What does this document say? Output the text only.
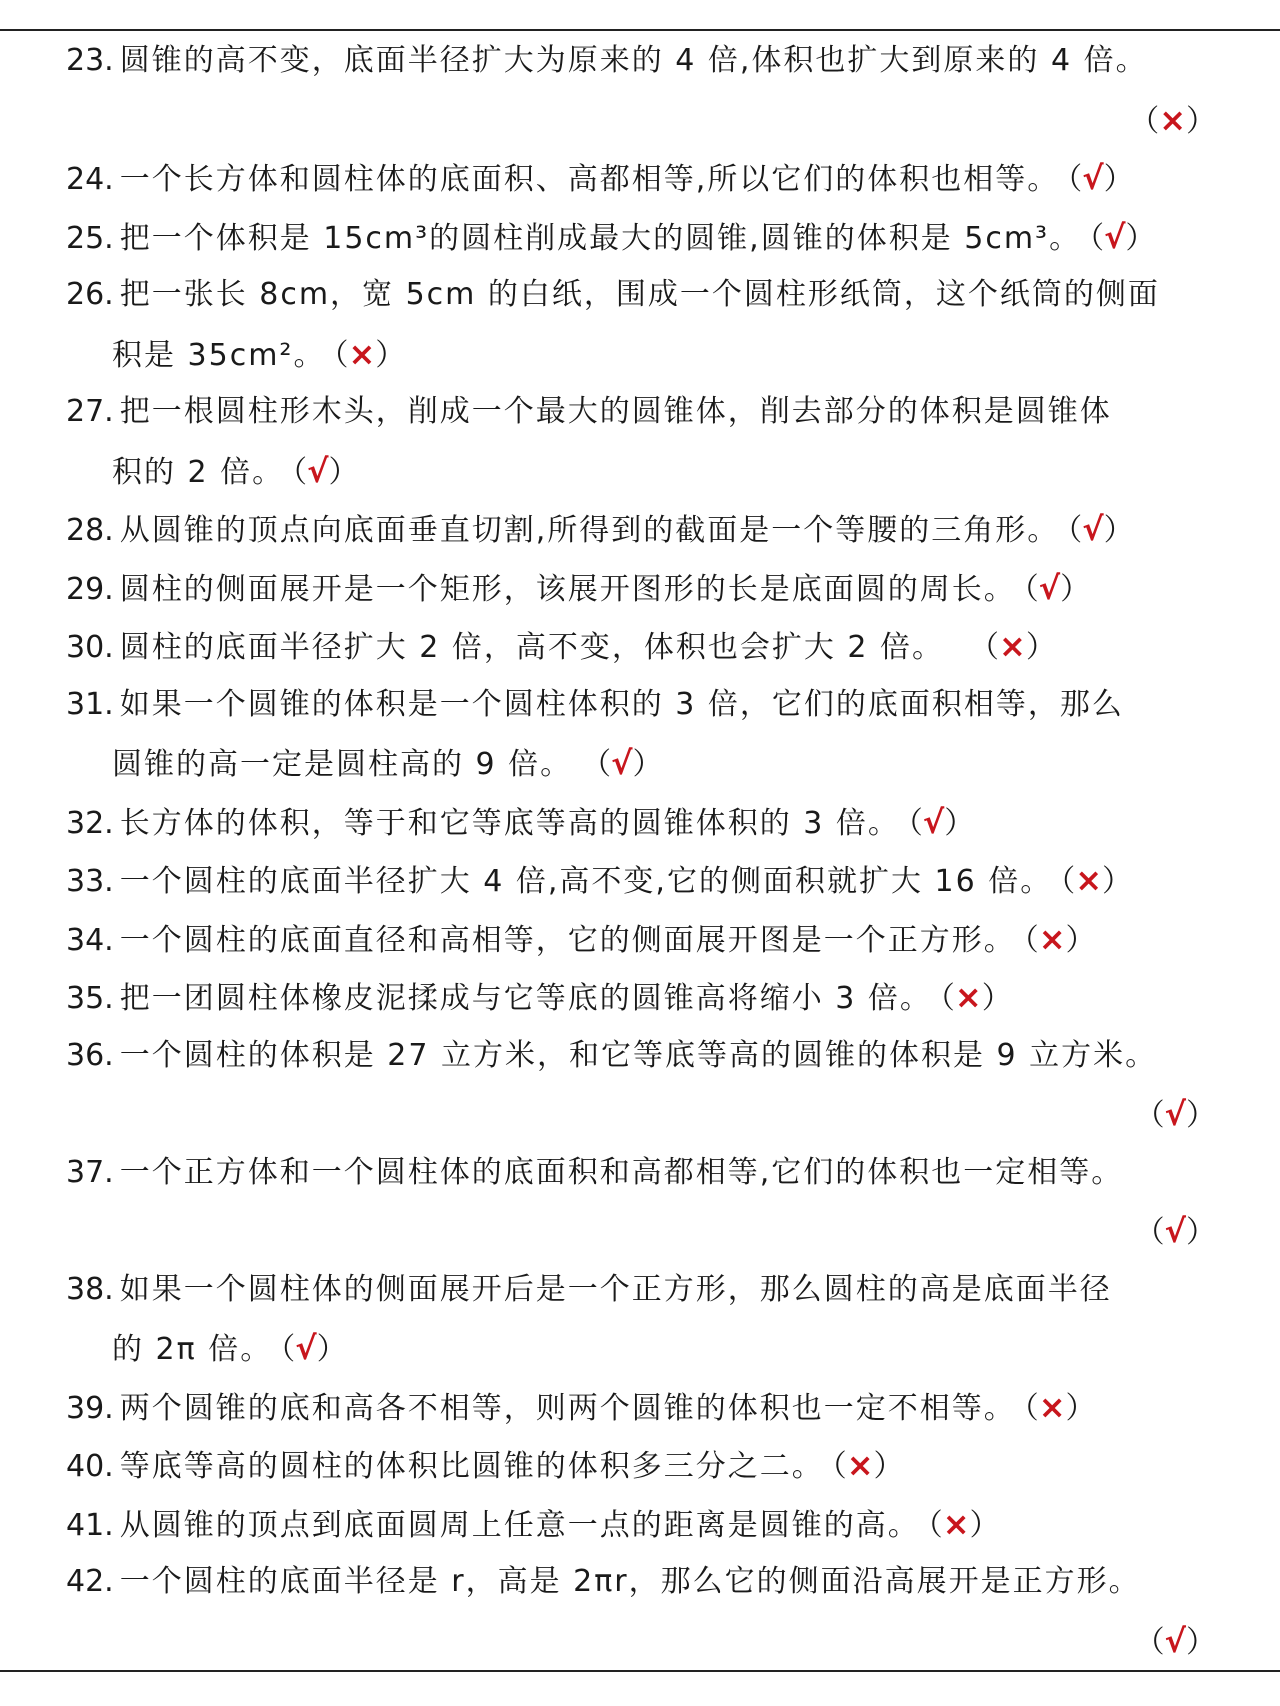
23. 圆锥的高不变，底面半径扩大为原来的 4 倍,体积也扩大到原来的 4 倍。
（×）
24. 一个长方体和圆柱体的底面积、高都相等,所以它们的体积也相等。 （√）
25. 把一个体积是 15cm³的圆柱削成最大的圆锥,圆锥的体积是 5cm³。 （√）
26. 把一张长 8cm，宽 5cm 的白纸，围成一个圆柱形纸筒，这个纸筒的侧面
积是 35cm²。 （×）
27. 把一根圆柱形木头，削成一个最大的圆锥体，削去部分的体积是圆锥体
积的 2 倍。 （√）
28. 从圆锥的顶点向底面垂直切割,所得到的截面是一个等腰的三角形。 （√）
29. 圆柱的侧面展开是一个矩形，该展开图形的长是底面圆的周长。 （√）
30. 圆柱的底面半径扩大 2 倍，高不变，体积也会扩大 2 倍。 （×）
31. 如果一个圆锥的体积是一个圆柱体积的 3 倍，它们的底面积相等，那么
圆锥的高一定是圆柱高的 9 倍。 （√）
32. 长方体的体积，等于和它等底等高的圆锥体积的 3 倍。 （√）
33. 一个圆柱的底面半径扩大 4 倍,高不变,它的侧面积就扩大 16 倍。 （×）
34. 一个圆柱的底面直径和高相等，它的侧面展开图是一个正方形。 （×）
35. 把一团圆柱体橡皮泥揉成与它等底的圆锥高将缩小 3 倍。 （×）
36. 一个圆柱的体积是 27 立方米，和它等底等高的圆锥的体积是 9 立方米。
（√）
37. 一个正方体和一个圆柱体的底面积和高都相等,它们的体积也一定相等。
（√）
38. 如果一个圆柱体的侧面展开后是一个正方形，那么圆柱的高是底面半径
的 2π 倍。 （√）
39. 两个圆锥的底和高各不相等，则两个圆锥的体积也一定不相等。 （×）
40. 等底等高的圆柱的体积比圆锥的体积多三分之二。 （×）
41. 从圆锥的顶点到底面圆周上任意一点的距离是圆锥的高。 （×）
42. 一个圆柱的底面半径是 r，高是 2πr，那么它的侧面沿高展开是正方形。
（√）
